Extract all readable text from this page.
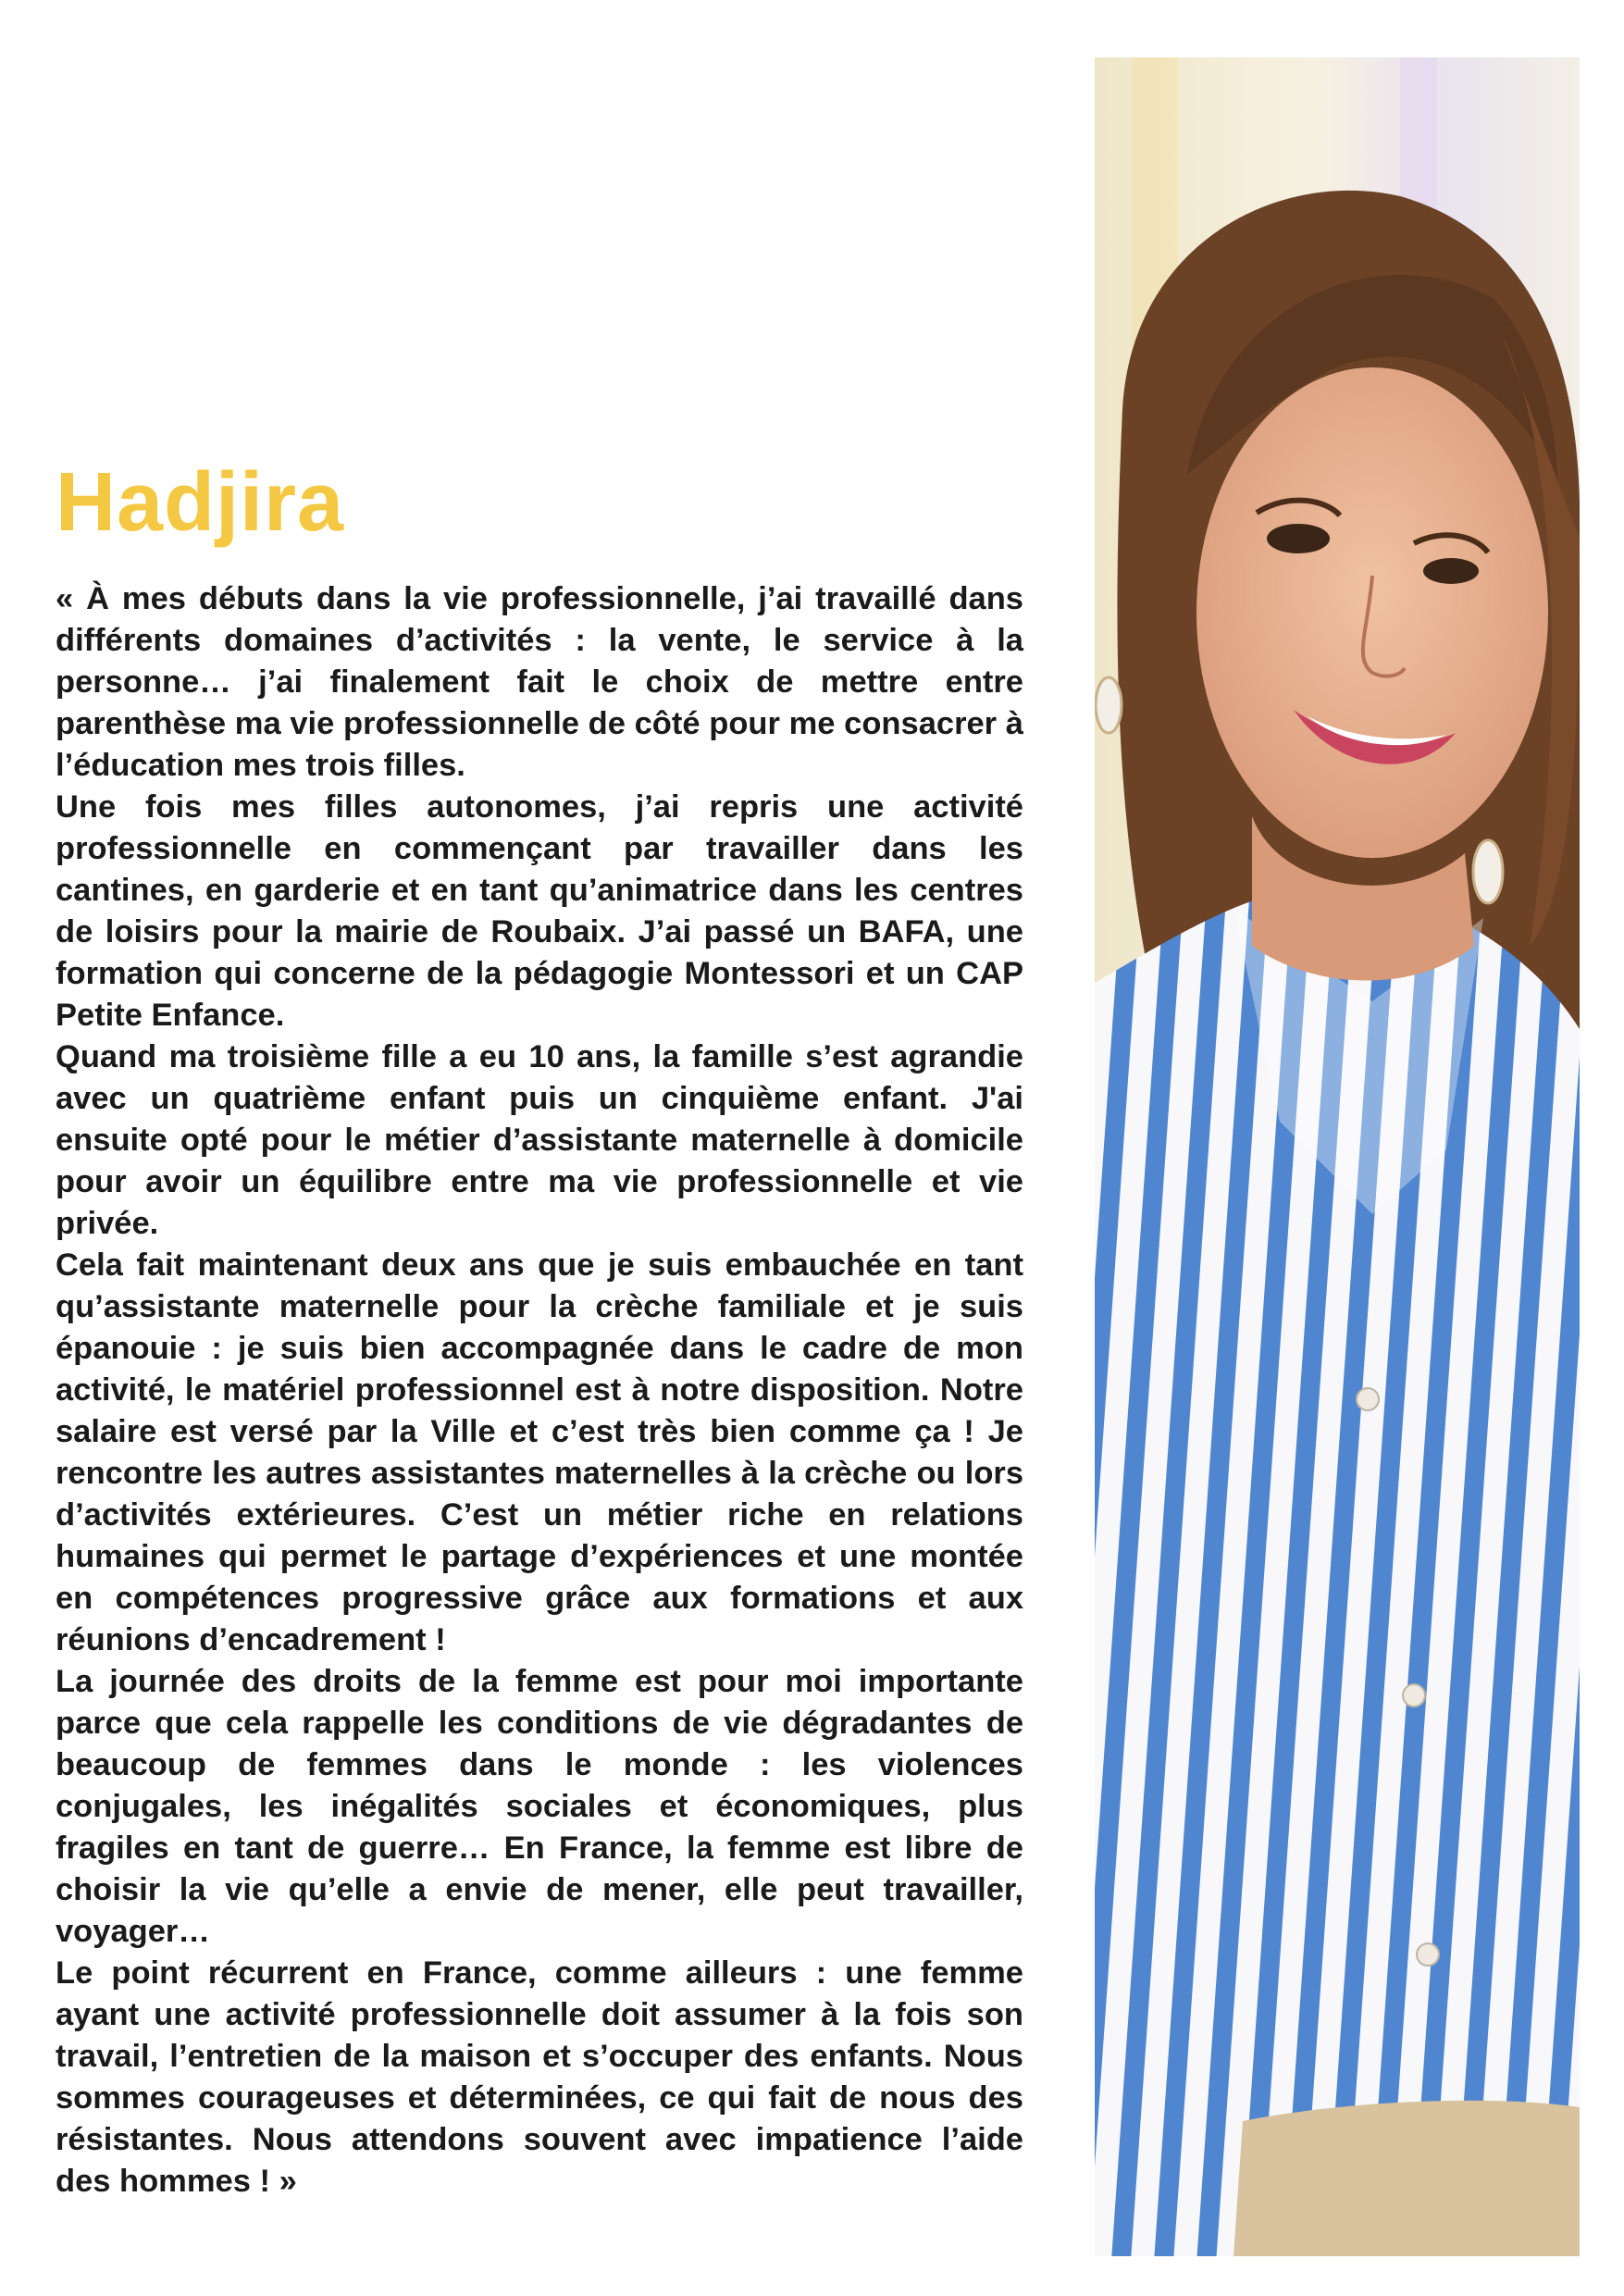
Hadjira

« À mes débuts dans la vie professionnelle, j’ai travaillé dans différents domaines d’activités : la vente, le service à la personne… j’ai finalement fait le choix de mettre entre parenthèse ma vie professionnelle de côté pour me consacrer à l’éducation mes trois filles.

Une fois mes filles autonomes, j’ai repris une activité professionnelle en commençant par travailler dans les cantines, en garderie et en tant qu’animatrice dans les centres de loisirs pour la mairie de Roubaix. J’ai passé un BAFA, une formation qui concerne de la pédagogie Montessori et un CAP Petite Enfance.

Quand ma troisième fille a eu 10 ans, la famille s’est agrandie avec un quatrième enfant puis un cinquième enfant. J'ai ensuite opté pour le métier d’assistante maternelle à domicile pour avoir un équilibre entre ma vie professionnelle et vie privée.

Cela fait maintenant deux ans que je suis embauchée en tant qu’assistante maternelle pour la crèche familiale et je suis épanouie : je suis bien accompagnée dans le cadre de mon activité, le matériel professionnel est à notre disposition. Notre salaire est versé par la Ville et c’est très bien comme ça ! Je rencontre les autres assistantes maternelles à la crèche ou lors d’activités extérieures. C’est un métier riche en relations humaines qui permet le partage d’expériences et une montée en compétences progressive grâce aux formations et aux réunions d’encadrement !

La journée des droits de la femme est pour moi importante parce que cela rappelle les conditions de vie dégradantes de beaucoup de femmes dans le monde : les violences conjugales, les inégalités sociales et économiques, plus fragiles en tant de guerre… En France, la femme est libre de choisir la vie qu’elle a envie de mener, elle peut travailler, voyager…

Le point récurrent en France, comme ailleurs : une femme ayant une activité professionnelle doit assumer à la fois son travail, l’entretien de la maison et s’occuper des enfants. Nous sommes courageuses et déterminées, ce qui fait de nous des résistantes. Nous attendons souvent avec impatience l’aide des hommes ! »
